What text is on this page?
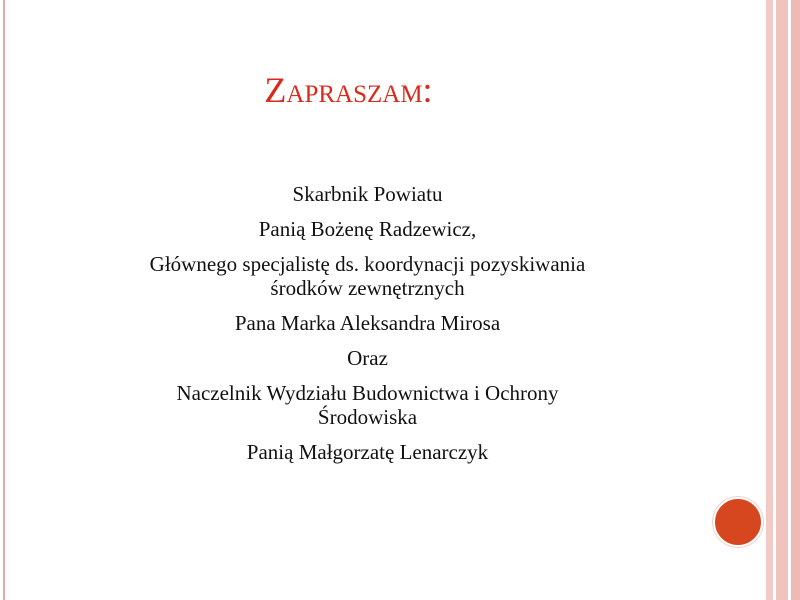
Zapraszam:
Skarbnik Powiatu
Panią Bożenę Radzewicz,
Głównego specjalistę ds. koordynacji pozyskiwania
środków zewnętrznych
Pana Marka Aleksandra Mirosa
Oraz
Naczelnik Wydziału Budownictwa i Ochrony
Środowiska
Panią Małgorzatę Lenarczyk
